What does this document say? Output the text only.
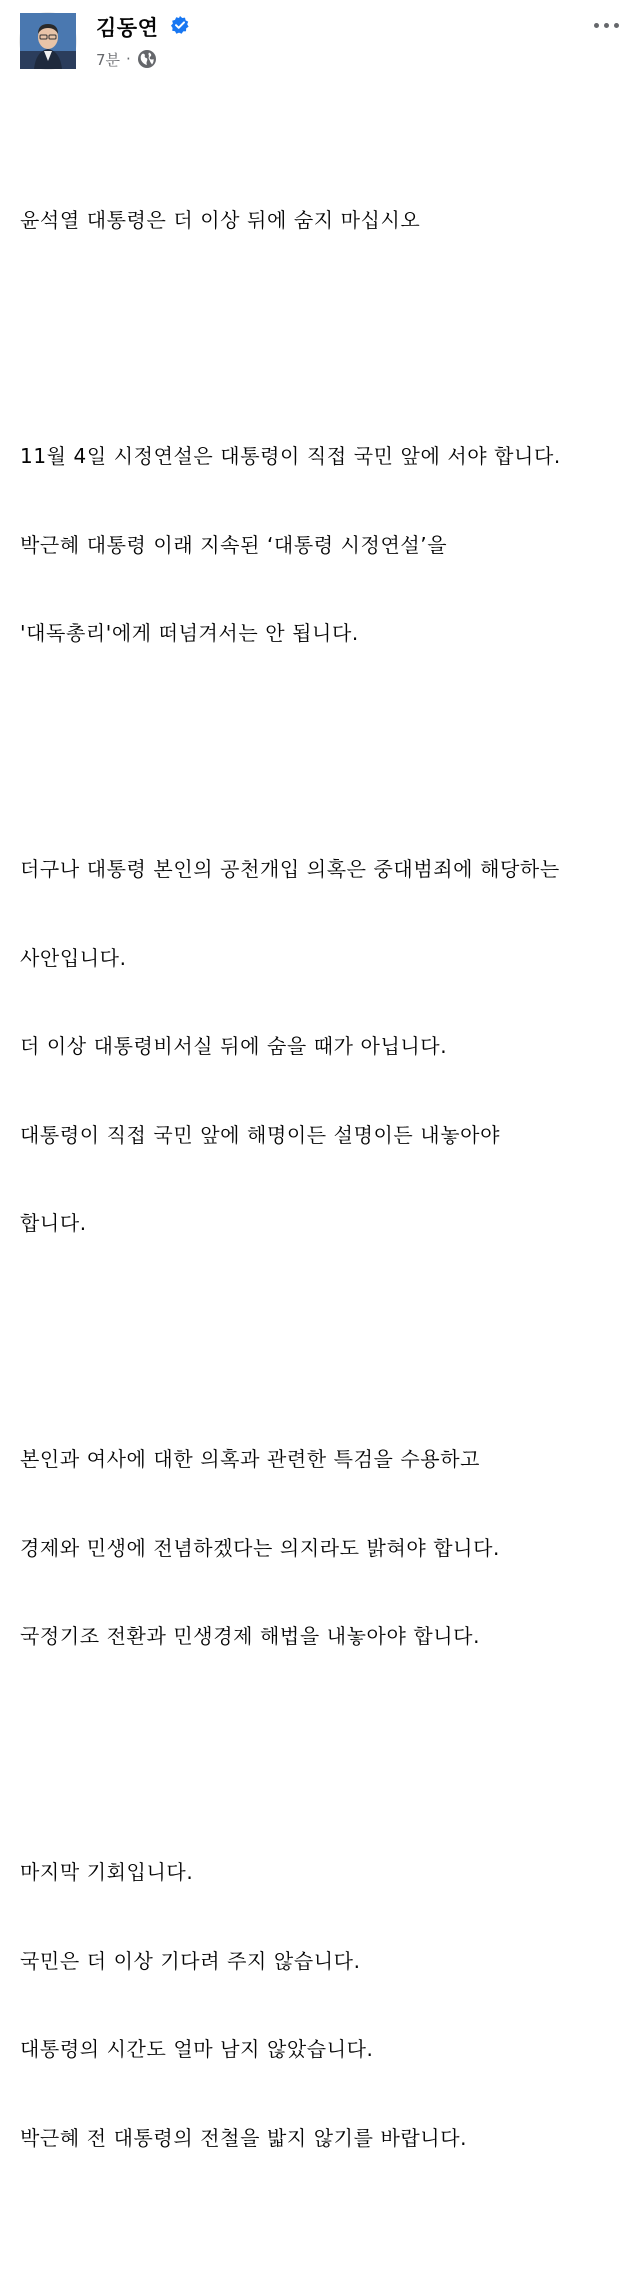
김동연
7분 ·

윤석열 대통령은 더 이상 뒤에 숨지 마십시오

11월 4일 시정연설은 대통령이 직접 국민 앞에 서야 합니다.

박근혜 대통령 이래 지속된 ‘대통령 시정연설’을

'대독총리'에게 떠넘겨서는 안 됩니다.

더구나 대통령 본인의 공천개입 의혹은 중대범죄에 해당하는

사안입니다.

더 이상 대통령비서실 뒤에 숨을 때가 아닙니다.

대통령이 직접 국민 앞에 해명이든 설명이든 내놓아야

합니다.

본인과 여사에 대한 의혹과 관련한 특검을 수용하고

경제와 민생에 전념하겠다는 의지라도 밝혀야 합니다.

국정기조 전환과 민생경제 해법을 내놓아야 합니다.

마지막 기회입니다.

국민은 더 이상 기다려 주지 않습니다.

대통령의 시간도 얼마 남지 않았습니다.

박근혜 전 대통령의 전철을 밟지 않기를 바랍니다.
